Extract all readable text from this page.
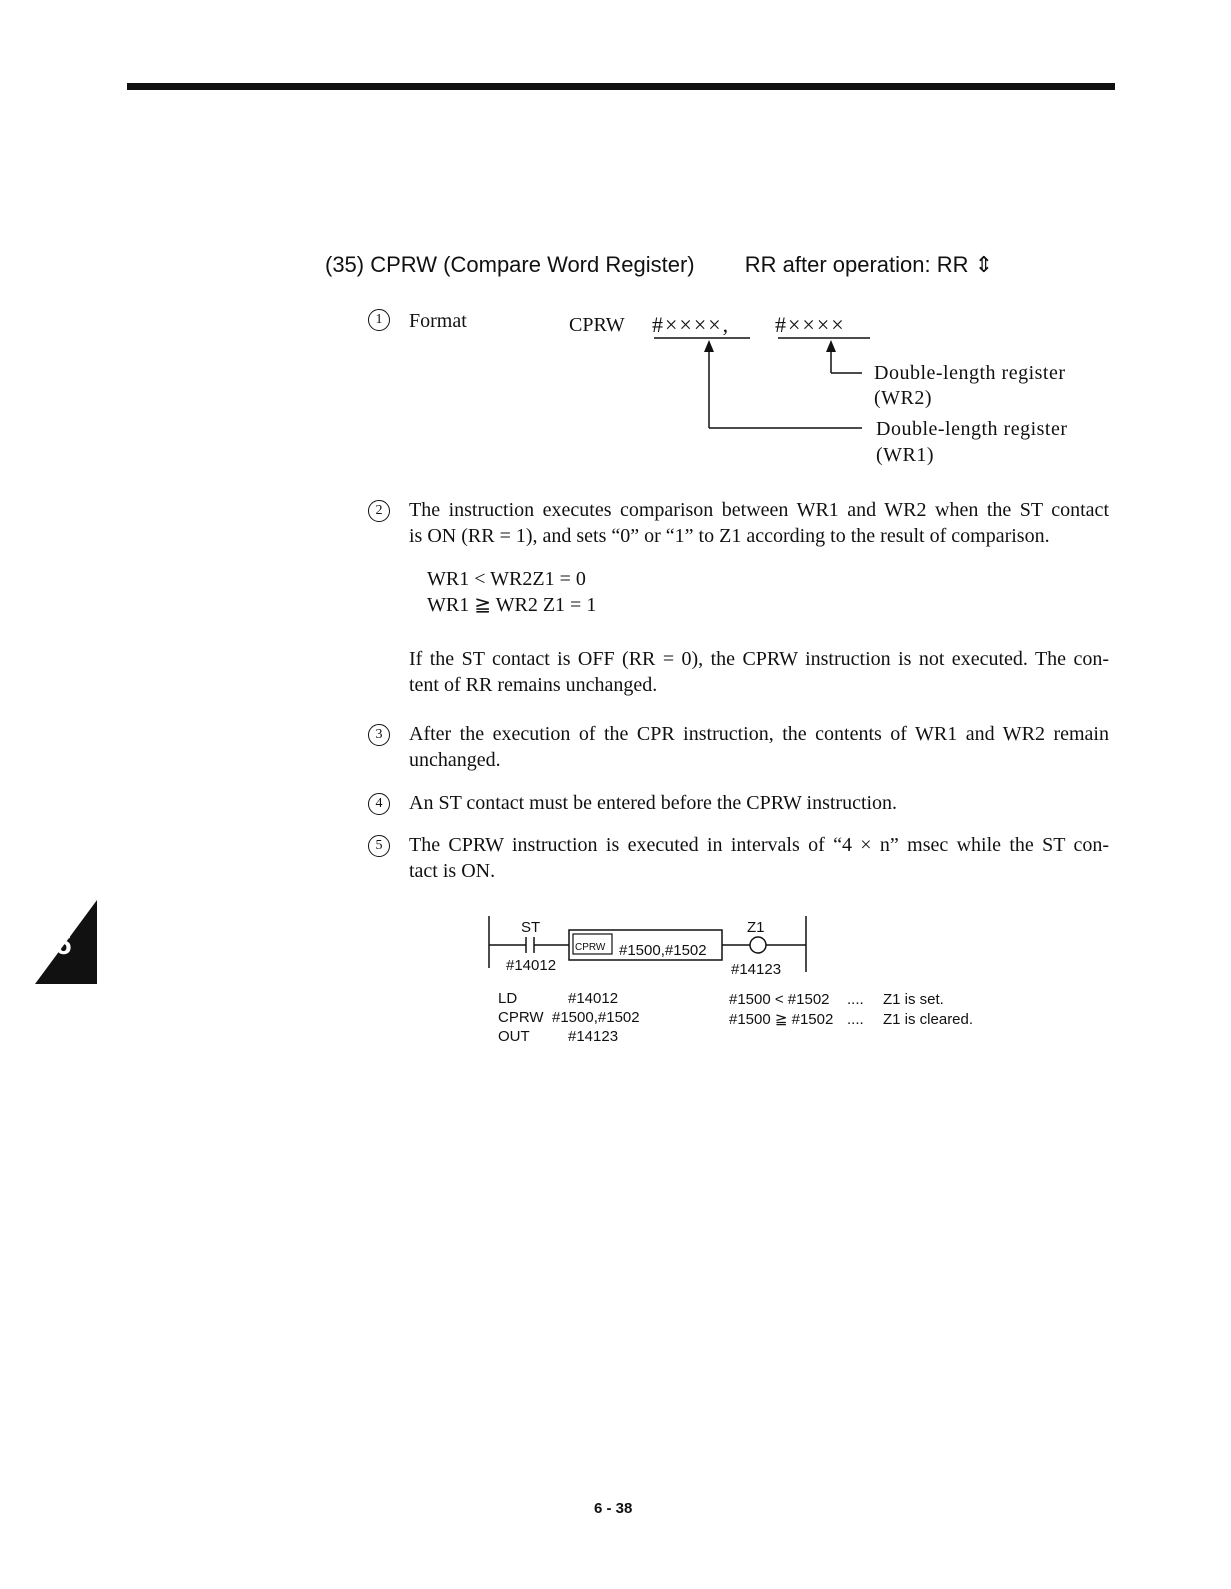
(35) CPRW (Compare Word Register) RR after operation: RR ⇕
1	Format	CPRW #××××, #××××
Double-length register
(WR2)
Double-length register
(WR1)
2	The instruction executes comparison between WR1 and WR2 when the ST contact
is ON (RR = 1), and sets “0” or “1” to Z1 according to the result of comparison.
WR1 < WR2Z1 = 0
WR1 ≧ WR2 Z1 = 1
If the ST contact is OFF (RR = 0), the CPRW instruction is not executed. The con-
tent of RR remains unchanged.
3	After the execution of the CPR instruction, the contents of WR1 and WR2 remain
unchanged.
4	An ST contact must be entered before the CPRW instruction.
5	The CPRW instruction is executed in intervals of “4 × n” msec while the ST con-
tact is ON.
ST
#14012
CPRW #1500,#1502
Z1
#14123
LD	#14012
CPRW #1500,#1502
OUT	#14123
#1500 < #1502 .... Z1 is set.
#1500 ≧ #1502 .... Z1 is cleared.
6
6 - 38
